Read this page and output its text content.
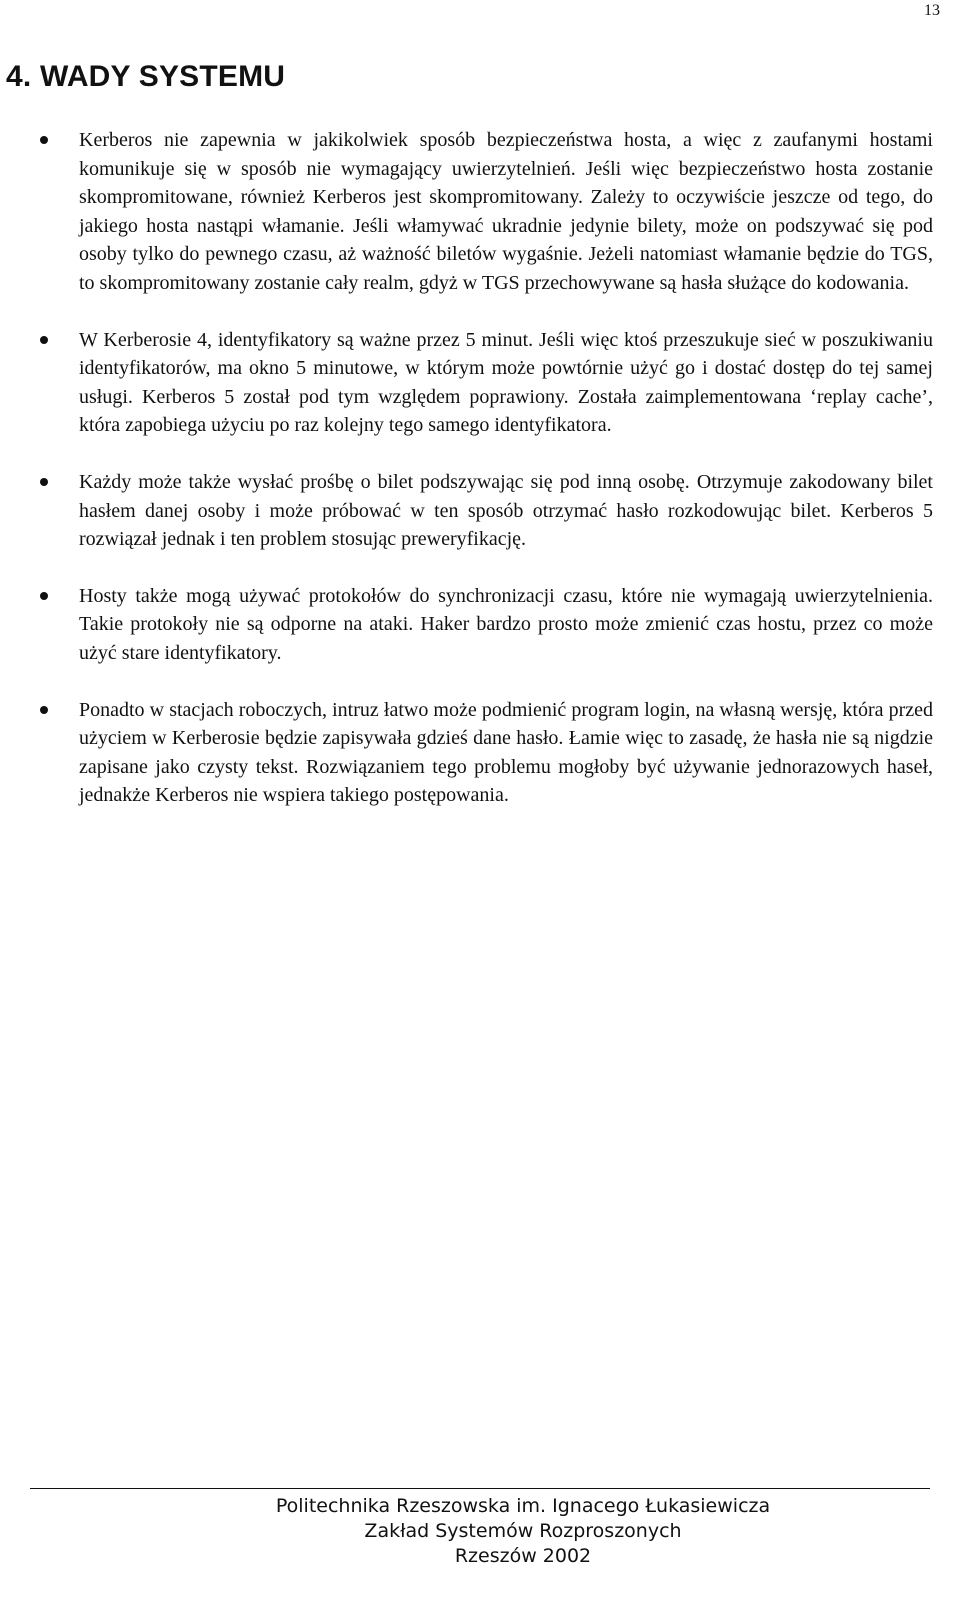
13
4. WADY SYSTEMU
Kerberos nie zapewnia w jakikolwiek sposób bezpieczeństwa hosta, a więc z zaufanymi hostami komunikuje się w sposób nie wymagający uwierzytelnień. Jeśli więc bezpieczeństwo hosta zostanie skompromitowane, również Kerberos jest skompromitowany. Zależy to oczywiście jeszcze od tego, do jakiego hosta nastąpi włamanie. Jeśli włamywać ukradnie jedynie bilety, może on podszywać się pod osoby tylko do pewnego czasu, aż ważność biletów wygaśnie. Jeżeli natomiast włamanie będzie do TGS, to skompromitowany zostanie cały realm, gdyż w TGS przechowywane są hasła służące do kodowania.
W Kerberosie 4, identyfikatory są ważne przez 5 minut. Jeśli więc ktoś przeszukuje sieć w poszukiwaniu identyfikatorów, ma okno 5 minutowe, w którym może powtórnie użyć go i dostać dostęp do tej samej usługi. Kerberos 5 został pod tym względem poprawiony. Została zaimplementowana ‘replay cache’, która zapobiega użyciu po raz kolejny tego samego identyfikatora.
Każdy może także wysłać prośbę o bilet podszywając się pod inną osobę. Otrzymuje zakodowany bilet hasłem danej osoby i może próbować w ten sposób otrzymać hasło rozkodowując bilet. Kerberos 5 rozwiązał jednak i ten problem stosując preweryfikację.
Hosty także mogą używać protokołów do synchronizacji czasu, które nie wymagają uwierzytelnienia. Takie protokoły nie są odporne na ataki. Haker bardzo prosto może zmienić czas hostu, przez co może użyć stare identyfikatory.
Ponadto w stacjach roboczych, intruz łatwo może podmienić program login, na własną wersję, która przed użyciem w Kerberosie będzie zapisywała gdzieś dane hasło. Łamie więc to zasadę, że hasła nie są nigdzie zapisane jako czysty tekst. Rozwiązaniem tego problemu mogłoby być używanie jednorazowych haseł, jednakże Kerberos nie wspiera takiego postępowania.
Politechnika Rzeszowska im. Ignacego Łukasiewicza
Zakład Systemów Rozproszonych
Rzeszów 2002
